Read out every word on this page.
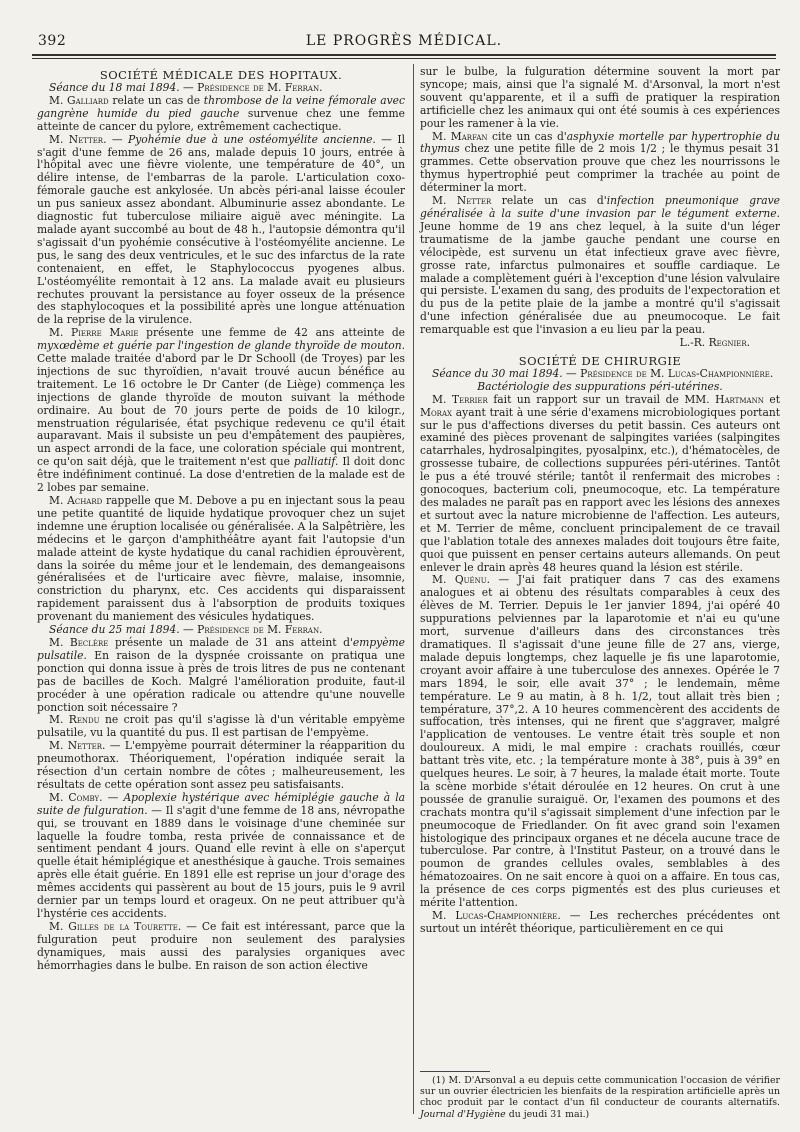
392	LE PROGRÈS MÉDICAL.

SOCIÉTÉ MÉDICALE DES HOPITAUX.

Séance du 18 mai 1894. — Présidence de M. Ferran.

M. Galliard relate un cas de thrombose de la veine fémorale avec gangrène humide du pied gauche survenue chez une femme atteinte de cancer du pylore, extrêmement cachectique.

M. Netter. — Pyohémie due à une ostéomyélite ancienne. — Il s'agit d'une femme de 26 ans, malade depuis 10 jours, entrée à l'hôpital avec une fièvre violente, une température de 40°, un délire intense, de l'embarras de la parole. L'articulation coxo-fémorale gauche est ankylosée. Un abcès péri-anal laisse écouler un pus sanieux assez abondant. Albuminurie assez abondante. Le diagnostic fut tuberculose miliaire aiguë avec méningite. La malade ayant succombé au bout de 48 h., l'autopsie démontra qu'il s'agissait d'un pyohémie consécutive à l'ostéomyélite ancienne. Le pus, le sang des deux ventricules, et le suc des infarctus de la rate contenaient, en effet, le Staphylococcus pyogenes albus. L'ostéomyélite remontait à 12 ans. La malade avait eu plusieurs rechutes prouvant la persistance au foyer osseux de la présence des staphylocoques et la possibilité après une longue atténuation de la reprise de la virulence.

M. Pierre Marie présente une femme de 42 ans atteinte de myxœdème et guérie par l'ingestion de glande thyroïde de mouton. Cette malade traitée d'abord par le Dr Schooll (de Troyes) par les injections de suc thyroïdien, n'avait trouvé aucun bénéfice au traitement. Le 16 octobre le Dr Canter (de Liège) commença les injections de glande thyroïde de mouton suivant la méthode ordinaire. Au bout de 70 jours perte de poids de 10 kilogr., menstruation régularisée, état psychique redevenu ce qu'il était auparavant. Mais il subsiste un peu d'empâtement des paupières, un aspect arrondi de la face, une coloration spéciale qui montrent, ce qu'on sait déjà, que le traitement n'est que palliatif. Il doit donc être indéfiniment continué. La dose d'entretien de la malade est de 2 lobes par semaine.

M. Achard rappelle que M. Debove a pu en injectant sous la peau une petite quantité de liquide hydatique provoquer chez un sujet indemne une éruption localisée ou généralisée. A la Salpêtrière, les médecins et le garçon d'amphithéâtre ayant fait l'autopsie d'un malade atteint de kyste hydatique du canal rachidien éprouvèrent, dans la soirée du même jour et le lendemain, des demangeaisons généralisées et de l'urticaire avec fièvre, malaise, insomnie, constriction du pharynx, etc. Ces accidents qui disparaissent rapidement paraissent dus à l'absorption de produits toxiques provenant du maniement des vésicules hydatiques.

Séance du 25 mai 1894. — Présidence de M. Ferran.

M. Beclère présente un malade de 31 ans atteint d'empyème pulsatile. En raison de la dyspnée croissante on pratiqua une ponction qui donna issue à près de trois litres de pus ne contenant pas de bacilles de Koch. Malgré l'amélioration produite, faut-il procéder à une opération radicale ou attendre qu'une nouvelle ponction soit nécessaire ?

M. Rendu ne croit pas qu'il s'agisse là d'un véritable empyème pulsatile, vu la quantité du pus. Il est partisan de l'empyème.

M. Netter. — L'empyème pourrait déterminer la réapparition du pneumothorax. Théoriquement, l'opération indiquée serait la résection d'un certain nombre de côtes ; malheureusement, les résultats de cette opération sont assez peu satisfaisants.

M. Comby. — Apoplexie hystérique avec hémiplégie gauche à la suite de fulguration. — Il s'agit d'une femme de 18 ans, névropathe qui, se trouvant en 1889 dans le voisinage d'une cheminée sur laquelle la foudre tomba, resta privée de connaissance et de sentiment pendant 4 jours. Quand elle revint à elle on s'aperçut quelle était hémiplégique et anesthésique à gauche. Trois semaines après elle était guérie. En 1891 elle est reprise un jour d'orage des mêmes accidents qui passèrent au bout de 15 jours, puis le 9 avril dernier par un temps lourd et orageux. On ne peut attribuer qu'à l'hystérie ces accidents.

M. Gilles de la Tourette. — Ce fait est intéressant, parce que la fulguration peut produire non seulement des paralysies dynamiques, mais aussi des paralysies organiques avec hémorrhagies dans le bulbe. En raison de son action élective

sur le bulbe, la fulguration détermine souvent la mort par syncope; mais, ainsi que l'a signalé M. d'Arsonval, la mort n'est souvent qu'apparente, et il a suffi de pratiquer la respiration artificielle chez les animaux qui ont été soumis à ces expériences pour les ramener à la vie.

M. Marfan cite un cas d'asphyxie mortelle par hypertrophie du thymus chez une petite fille de 2 mois 1/2 ; le thymus pesait 31 grammes. Cette observation prouve que chez les nourrissons le thymus hypertrophié peut comprimer la trachée au point de déterminer la mort.

M. Netter relate un cas d'infection pneumonique grave généralisée à la suite d'une invasion par le tégument externe. Jeune homme de 19 ans chez lequel, à la suite d'un léger traumatisme de la jambe gauche pendant une course en vélocipède, est survenu un état infectieux grave avec fièvre, grosse rate, infarctus pulmonaires et souffle cardiaque. Le malade a complètement guéri à l'exception d'une lésion valvulaire qui persiste. L'examen du sang, des produits de l'expectoration et du pus de la petite plaie de la jambe a montré qu'il s'agissait d'une infection généralisée due au pneumocoque. Le fait remarquable est que l'invasion a eu lieu par la peau.

L.-R. Regnier.

SOCIÉTÉ DE CHIRURGIE

Séance du 30 mai 1894. — Présidence de M. Lucas-Championnière.

Bactériologie des suppurations péri-utérines.

M. Terrier fait un rapport sur un travail de MM. Hartmann et Morax ayant trait à une série d'examens microbiologiques portant sur le pus d'affections diverses du petit bassin. Ces auteurs ont examiné des pièces provenant de salpingites variées (salpingites catarrhales, hydrosalpingites, pyosalpinx, etc.), d'hématocèles, de grossesse tubaire, de collections suppurées péri-utérines. Tantôt le pus a été trouvé stérile; tantôt il renfermait des microbes : gonocoques, bacterium coli, pneumocoque, etc. La température des malades ne paraît pas en rapport avec les lésions des annexes et surtout avec la nature microbienne de l'affection. Les auteurs, et M. Terrier de même, concluent principalement de ce travail que l'ablation totale des annexes malades doit toujours être faite, quoi que puissent en penser certains auteurs allemands. On peut enlever le drain après 48 heures quand la lésion est stérile.

M. Quénu. — J'ai fait pratiquer dans 7 cas des examens analogues et ai obtenu des résultats comparables à ceux des élèves de M. Terrier. Depuis le 1er janvier 1894, j'ai opéré 40 suppurations pelviennes par la laparotomie et n'ai eu qu'une mort, survenue d'ailleurs dans des circonstances très dramatiques. Il s'agissait d'une jeune fille de 27 ans, vierge, malade depuis longtemps, chez laquelle je fis une laparotomie, croyant avoir affaire à une tuberculose des annexes. Opérée le 7 mars 1894, le soir, elle avait 37° ; le lendemain, même température. Le 9 au matin, à 8 h. 1/2, tout allait très bien ; température, 37°,2. A 10 heures commencèrent des accidents de suffocation, très intenses, qui ne firent que s'aggraver, malgré l'application de ventouses. Le ventre était très souple et non douloureux. A midi, le mal empire : crachats rouillés, cœur battant très vite, etc. ; la température monte à 38°, puis à 39° en quelques heures. Le soir, à 7 heures, la malade était morte. Toute la scène morbide s'était déroulée en 12 heures. On crut à une poussée de granulie suraiguë. Or, l'examen des poumons et des crachats montra qu'il s'agissait simplement d'une infection par le pneumocoque de Friedlander. On fit avec grand soin l'examen histologique des principaux organes et ne décela aucune trace de tuberculose. Par contre, à l'Institut Pasteur, on a trouvé dans le poumon de grandes cellules ovales, semblables à des hématozoaires. On ne sait encore à quoi on a affaire. En tous cas, la présence de ces corps pigmentés est des plus curieuses et mérite l'attention.

M. Lucas-Championnière. — Les recherches précédentes ont surtout un intérêt théorique, particulièrement en ce qui

(1) M. D'Arsonval a eu depuis cette communication l'occasion de vérifier sur un ouvrier électricien les bienfaits de la respiration artificielle après un choc produit par le contact d'un fil conducteur de courants alternatifs. Journal d'Hygiène du jeudi 31 mai.)
